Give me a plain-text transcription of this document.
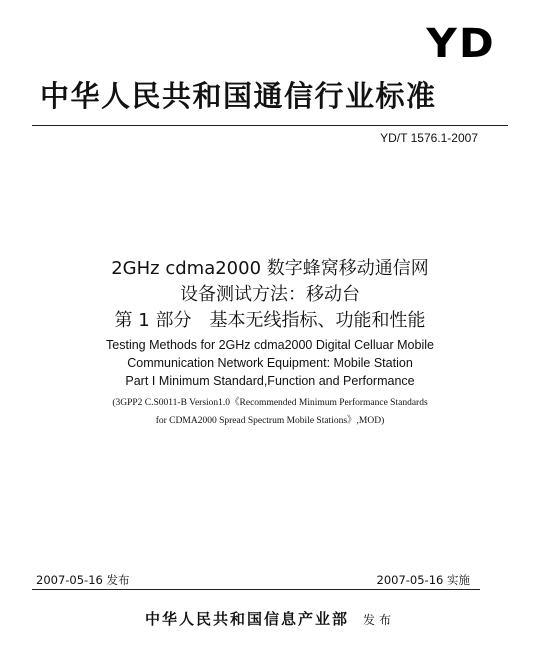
YD
中华人民共和国通信行业标准
YD/T 1576.1-2007
2GHz cdma2000 数字蜂窝移动通信网
设备测试方法：移动台
第 1 部分　基本无线指标、功能和性能
Testing Methods for 2GHz cdma2000 Digital Celluar Mobile
Communication Network Equipment: Mobile Station
Part Ⅰ Minimum Standard,Function and Performance
(3GPP2 C.S0011-B Version1.0《Recommended Minimum Performance Standards
for CDMA2000 Spread Spectrum Mobile Stations》,MOD)
2007-05-16 发布	2007-05-16 实施
中华人民共和国信息产业部 发布
